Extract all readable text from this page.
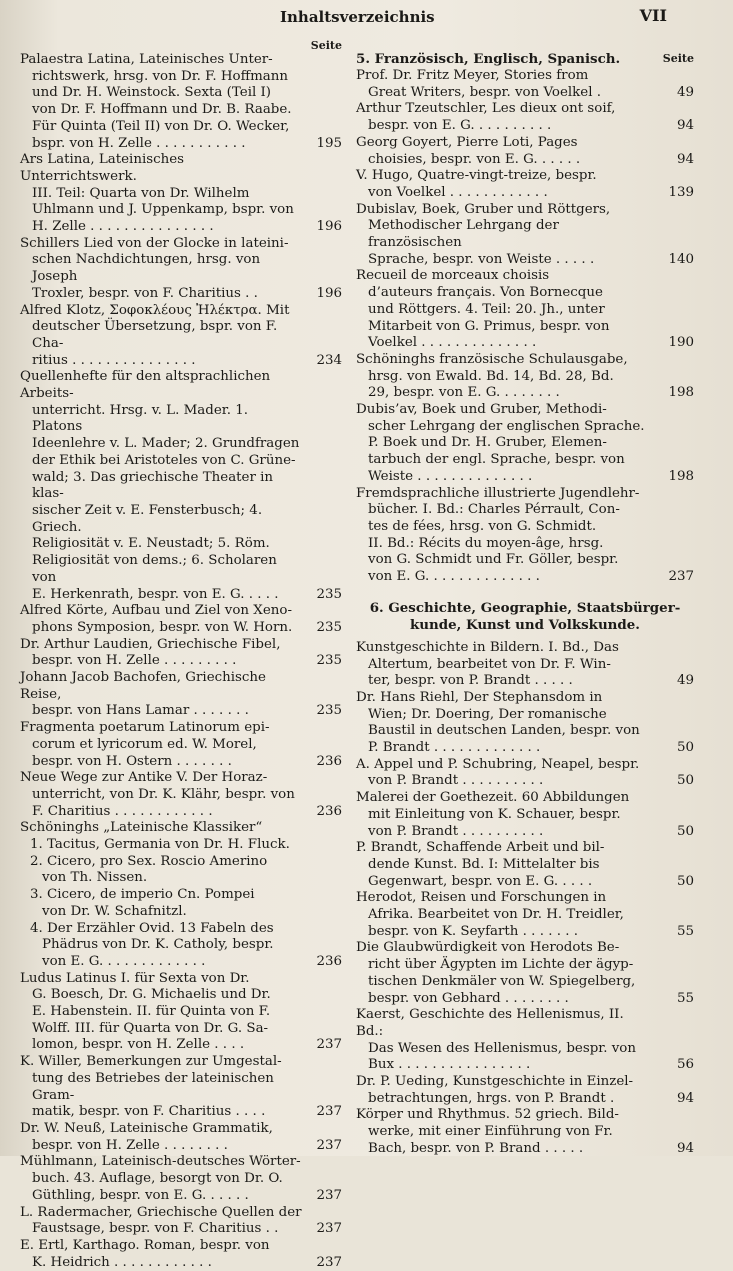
Inhaltsverzeichnis	VII
Seite
Palaestra Latina, Lateinisches Unter-
richtswerk, hrsg. von Dr. F. Hoffmann
und Dr. H. Weinstock. Sexta (Teil I)
von Dr. F. Hoffmann und Dr. B. Raabe.
Für Quinta (Teil II) von Dr. O. Wecker,
bspr. von H. Zelle . . . . . . . . . . .	195
Ars Latina, Lateinisches Unterrichtswerk.
III. Teil: Quarta von Dr. Wilhelm
Uhlmann und J. Uppenkamp, bspr. von
H. Zelle . . . . . . . . . . . . . . .	196
Schillers Lied von der Glocke in lateini-
schen Nachdichtungen, hrsg. von Joseph
Troxler, bespr. von F. Charitius . .	196
Alfred Klotz, Σοφοκλέους Ἠλέκτρα. Mit
deutscher Übersetzung, bspr. von F. Cha-
ritius . . . . . . . . . . . . . . .	234
Quellenhefte für den altsprachlichen Arbeits-
unterricht. Hrsg. v. L. Mader. 1. Platons
Ideenlehre v. L. Mader; 2. Grundfragen
der Ethik bei Aristoteles von C. Grüne-
wald; 3. Das griechische Theater in klas-
sischer Zeit v. E. Fensterbusch; 4. Griech.
Religiosität v. E. Neustadt; 5. Röm.
Religiosität von dems.; 6. Scholaren von
E. Herkenrath, bespr. von E. G. . . . .	235
Alfred Körte, Aufbau und Ziel von Xeno-
phons Symposion, bespr. von W. Horn.	235
Dr. Arthur Laudien, Griechische Fibel,
bespr. von H. Zelle . . . . . . . . .	235
Johann Jacob Bachofen, Griechische Reise,
bespr. von Hans Lamar . . . . . . .	235
Fragmenta poetarum Latinorum epi-
corum et lyricorum ed. W. Morel,
bespr. von H. Ostern . . . . . . .	236
Neue Wege zur Antike V. Der Horaz-
unterricht, von Dr. K. Klähr, bespr. von
F. Charitius . . . . . . . . . . . .	236
Schöninghs „Lateinische Klassiker“
1. Tacitus, Germania von Dr. H. Fluck.
2. Cicero, pro Sex. Roscio Amerino
von Th. Nissen.
3. Cicero, de imperio Cn. Pompei
von Dr. W. Schafnitzl.
4. Der Erzähler Ovid. 13 Fabeln des
Phädrus von Dr. K. Catholy, bespr.
von E. G. . . . . . . . . . . . .	236
Ludus Latinus I. für Sexta von Dr.
G. Boesch, Dr. G. Michaelis und Dr.
E. Habenstein. II. für Quinta von F.
Wolff. III. für Quarta von Dr. G. Sa-
lomon, bespr. von H. Zelle . . . .	237
K. Willer, Bemerkungen zur Umgestal-
tung des Betriebes der lateinischen Gram-
matik, bespr. von F. Charitius . . . .	237
Dr. W. Neuß, Lateinische Grammatik,
bespr. von H. Zelle . . . . . . . .	237
Mühlmann, Lateinisch-deutsches Wörter-
buch. 43. Auflage, besorgt von Dr. O.
Güthling, bespr. von E. G. . . . . .	237
L. Radermacher, Griechische Quellen der
Faustsage, bespr. von F. Charitius . .	237
E. Ertl, Karthago. Roman, bespr. von
K. Heidrich . . . . . . . . . . . .	237
5. Französisch, Englisch, Spanisch.	Seite
Prof. Dr. Fritz Meyer, Stories from
Great Writers, bespr. von Voelkel .	49
Arthur Tzeutschler, Les dieux ont soif,
bespr. von E. G. . . . . . . . . .	94
Georg Goyert, Pierre Loti, Pages
choisies, bespr. von E. G. . . . . .	94
V. Hugo, Quatre-vingt-treize, bespr.
von Voelkel . . . . . . . . . . . .	139
Dubislav, Boek, Gruber und Röttgers,
Methodischer Lehrgang der französischen
Sprache, bespr. von Weiste . . . . .	140
Recueil de morceaux choisis
d’auteurs français. Von Bornecque
und Röttgers. 4. Teil: 20. Jh., unter
Mitarbeit von G. Primus, bespr. von
Voelkel . . . . . . . . . . . . . .	190
Schöninghs französische Schulausgabe,
hrsg. von Ewald. Bd. 14, Bd. 28, Bd.
29, bespr. von E. G. . . . . . . .	198
Dubis’av, Boek und Gruber, Methodi-
scher Lehrgang der englischen Sprache.
P. Boek und Dr. H. Gruber, Elemen-
tarbuch der engl. Sprache, bespr. von
Weiste . . . . . . . . . . . . . .	198
Fremdsprachliche illustrierte Jugendlehr-
bücher. I. Bd.: Charles Pérrault, Con-
tes de fées, hrsg. von G. Schmidt.
II. Bd.: Récits du moyen-âge, hrsg.
von G. Schmidt und Fr. Göller, bespr.
von E. G. . . . . . . . . . . . . .	237
6. Geschichte, Geographie, Staatsbürger-
kunde, Kunst und Volkskunde.
Kunstgeschichte in Bildern. I. Bd., Das
Altertum, bearbeitet von Dr. F. Win-
ter, bespr. von P. Brandt . . . . .	49
Dr. Hans Riehl, Der Stephansdom in
Wien; Dr. Doering, Der romanische
Baustil in deutschen Landen, bespr. von
P. Brandt . . . . . . . . . . . . .	50
A. Appel und P. Schubring, Neapel, bespr.
von P. Brandt . . . . . . . . . .	50
Malerei der Goethezeit. 60 Abbildungen
mit Einleitung von K. Schauer, bespr.
von P. Brandt . . . . . . . . . .	50
P. Brandt, Schaffende Arbeit und bil-
dende Kunst. Bd. I: Mittelalter bis
Gegenwart, bespr. von E. G. . . . .	50
Herodot, Reisen und Forschungen in
Afrika. Bearbeitet von Dr. H. Treidler,
bespr. von K. Seyfarth . . . . . . .	55
Die Glaubwürdigkeit von Herodots Be-
richt über Ägypten im Lichte der ägyp-
tischen Denkmäler von W. Spiegelberg,
bespr. von Gebhard . . . . . . . .	55
Kaerst, Geschichte des Hellenismus, II. Bd.:
Das Wesen des Hellenismus, bespr. von
Bux . . . . . . . . . . . . . . . .	56
Dr. P. Ueding, Kunstgeschichte in Einzel-
betrachtungen, hrgs. von P. Brandt .	94
Körper und Rhythmus. 52 griech. Bild-
werke, mit einer Einführung von Fr.
Bach, bespr. von P. Brand . . . . .	94
